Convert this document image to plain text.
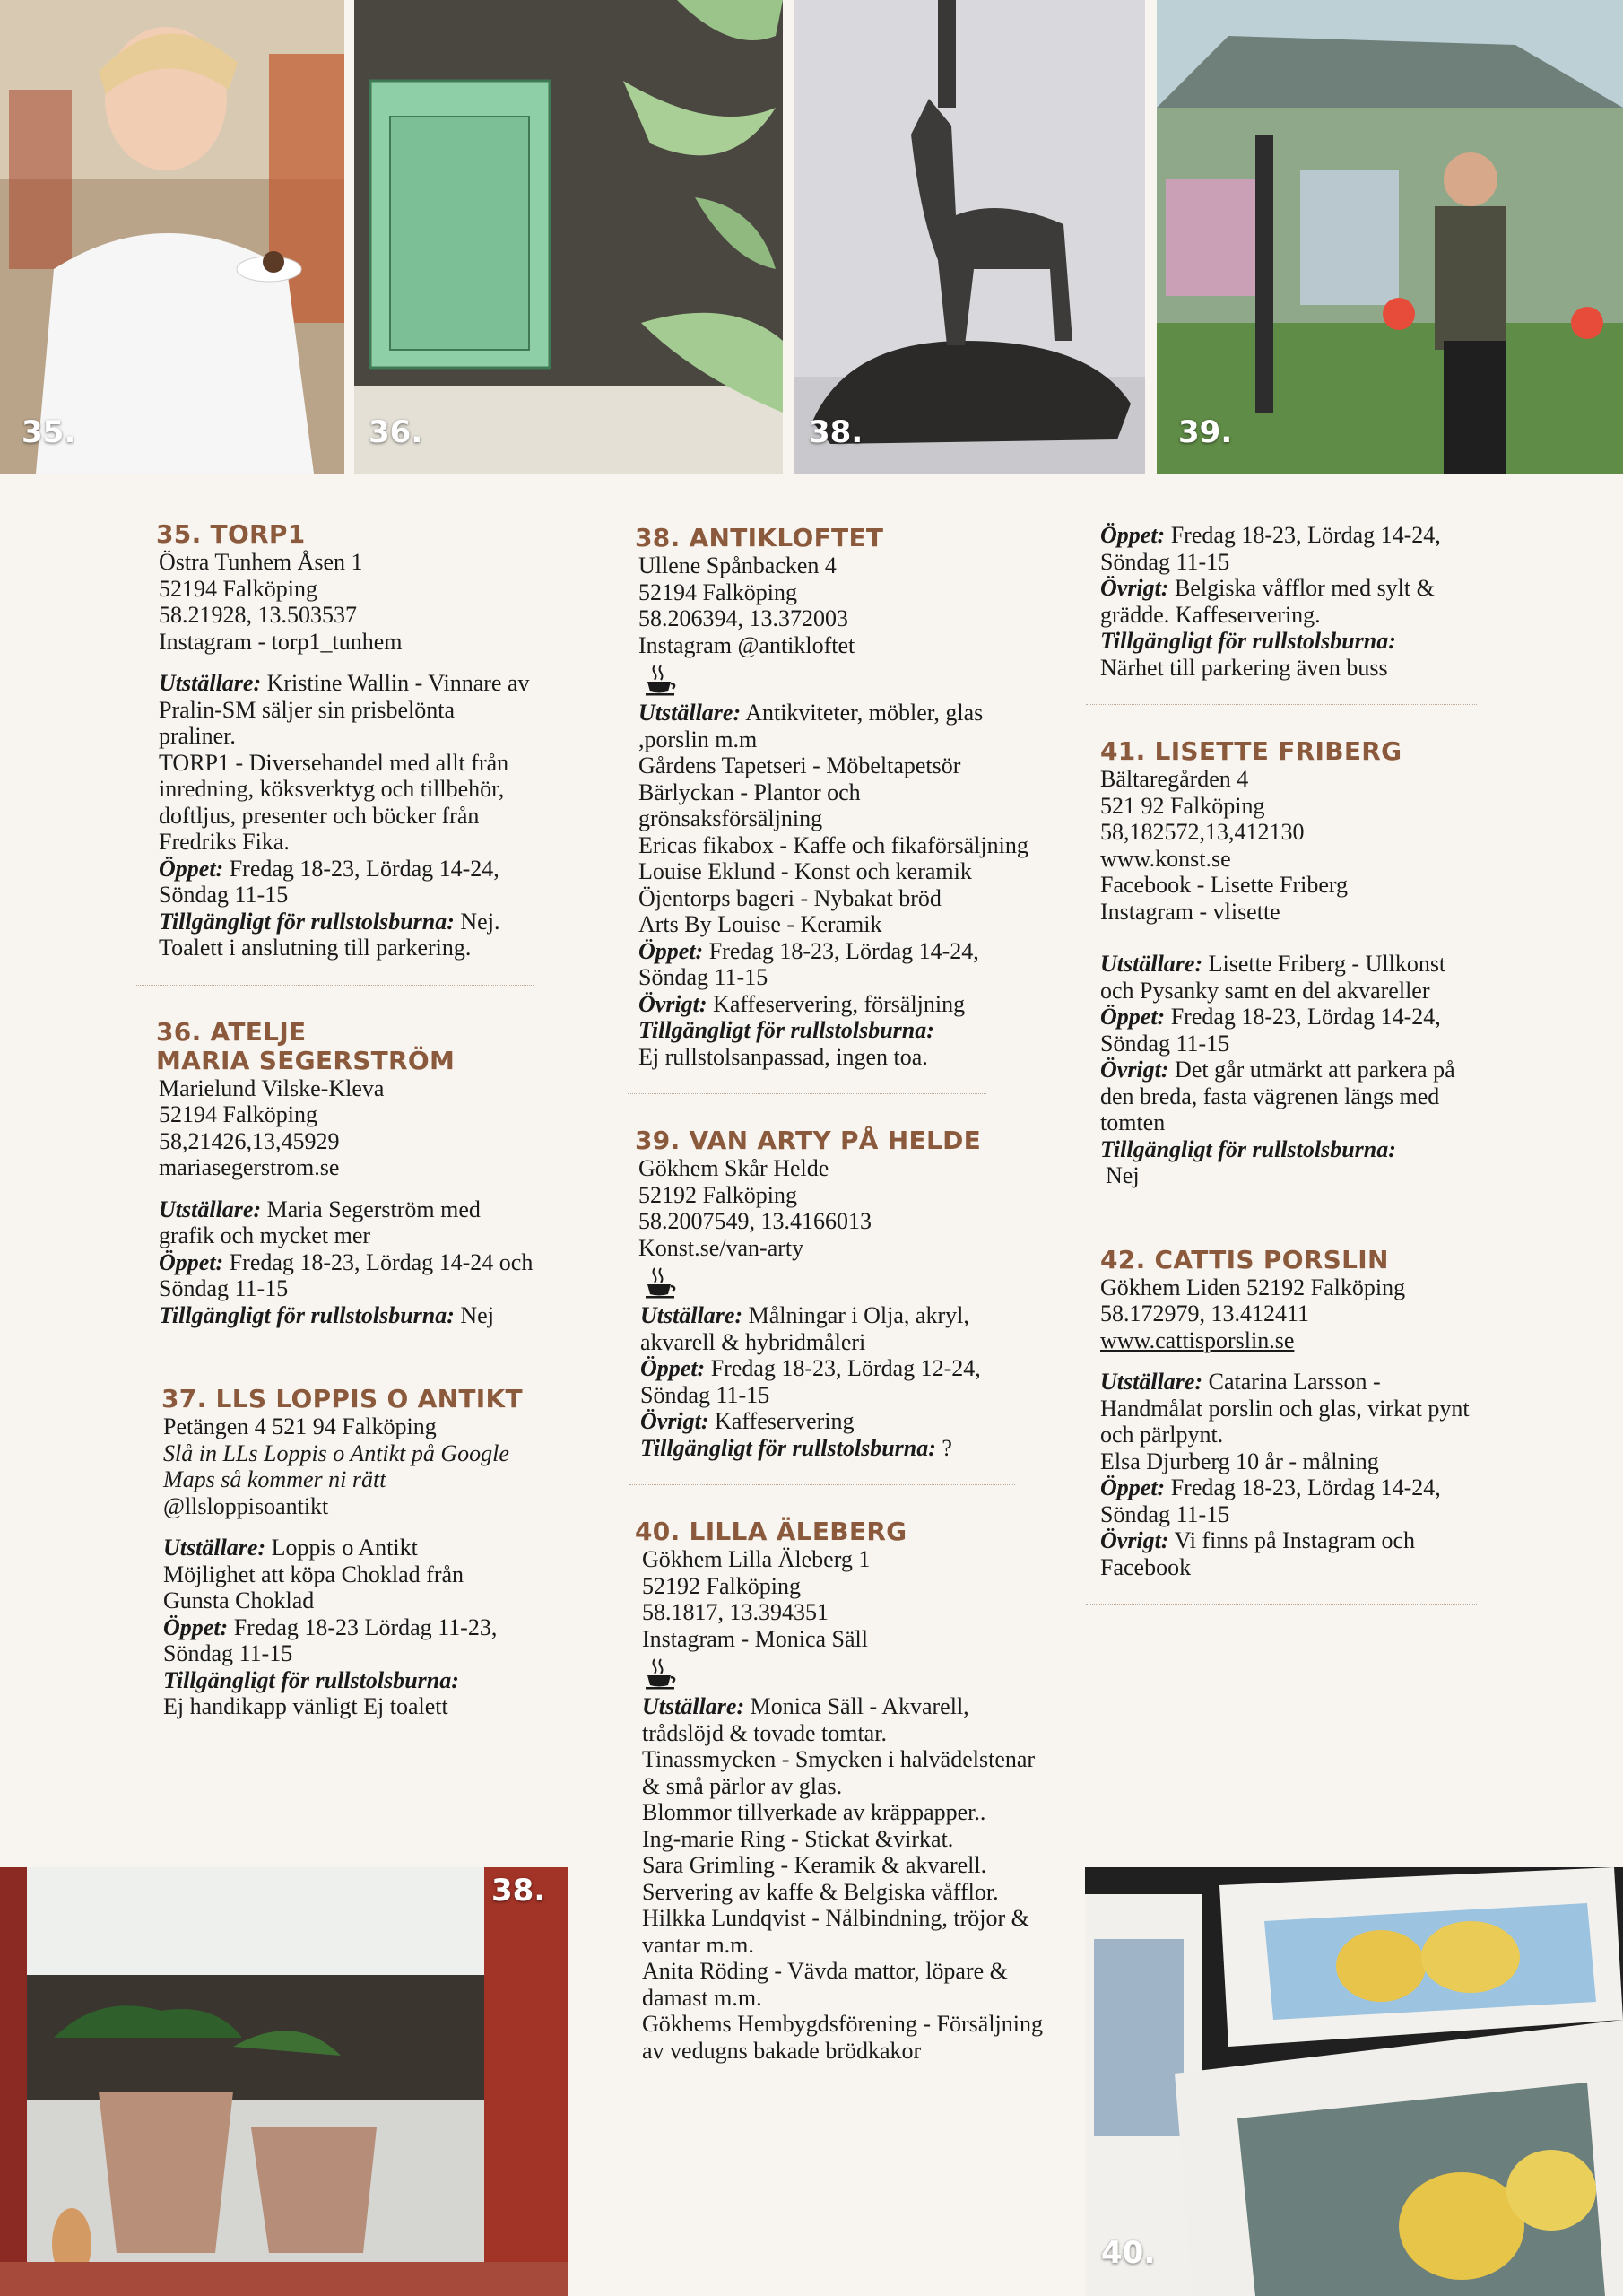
35.	36.	38.	39.
35. TORP1
Östra Tunhem Åsen 1
52194 Falköping
58.21928, 13.503537
Instagram - torp1_tunhem
Utställare: Kristine Wallin - Vinnare av Pralin-SM säljer sin prisbelönta praliner.
TORP1 - Diversehandel med allt från inredning, köksverktyg och tillbehör, doftljus, presenter och böcker från Fredriks Fika.
Öppet: Fredag 18-23, Lördag 14-24, Söndag 11-15
Tillgängligt för rullstolsburna: Nej. Toalett i anslutning till parkering.
36. ATELJE
MARIA SEGERSTRÖM
Marielund Vilske-Kleva
52194 Falköping
58,21426,13,45929
mariasegerstrom.se
Utställare: Maria Segerström med grafik och mycket mer
Öppet: Fredag 18-23, Lördag 14-24 och Söndag 11-15
Tillgängligt för rullstolsburna: Nej
37. LLS LOPPIS O ANTIKT
Petängen 4 521 94 Falköping
Slå in LLs Loppis o Antikt på Google Maps så kommer ni rätt
@llsloppisoantikt
Utställare: Loppis o Antikt
Möjlighet att köpa Choklad från Gunsta Choklad
Öppet: Fredag 18-23 Lördag 11-23, Söndag 11-15
Tillgängligt för rullstolsburna:
Ej handikapp vänligt Ej toalett
38. ANTIKLOFTET
Ullene Spånbacken 4
52194 Falköping
58.206394, 13.372003
Instagram @antikloftet
Utställare: Antikviteter, möbler, glas ,porslin m.m
Gårdens Tapetseri - Möbeltapetsör
Bärlyckan - Plantor och grönsaksförsäljning
Ericas fikabox - Kaffe och fikaförsäljning
Louise Eklund - Konst och keramik
Öjentorps bageri - Nybakat bröd
Arts By Louise - Keramik
Öppet: Fredag 18-23, Lördag 14-24, Söndag 11-15
Övrigt: Kaffeservering, försäljning
Tillgängligt för rullstolsburna:
Ej rullstolsanpassad, ingen toa.
39. VAN ARTY PÅ HELDE
Gökhem Skår Helde
52192 Falköping
58.2007549, 13.4166013
Konst.se/van-arty
Utställare: Målningar i Olja, akryl, akvarell & hybridmåleri
Öppet: Fredag 18-23, Lördag 12-24, Söndag 11-15
Övrigt: Kaffeservering
Tillgängligt för rullstolsburna: ?
40. LILLA ÄLEBERG
Gökhem Lilla Äleberg 1
52192 Falköping
58.1817, 13.394351
Instagram - Monica Säll
Utställare: Monica Säll - Akvarell, trådslöjd & tovade tomtar.
Tinassmycken - Smycken i halvädelstenar & små pärlor av glas.
Blommor tillverkade av kräppapper..
Ing-marie Ring - Stickat &virkat.
Sara Grimling - Keramik & akvarell.
Servering av kaffe & Belgiska våfflor.
Hilkka Lundqvist - Nålbindning, tröjor & vantar m.m.
Anita Röding - Vävda mattor, löpare & damast m.m.
Gökhems Hembygdsförening - Försäljning av vedugns bakade brödkakor
Öppet: Fredag 18-23, Lördag 14-24, Söndag 11-15
Övrigt: Belgiska våfflor med sylt & grädde. Kaffeservering.
Tillgängligt för rullstolsburna:
Närhet till parkering även buss
41. LISETTE FRIBERG
Bältaregården 4
521 92 Falköping
58,182572,13,412130
www.konst.se
Facebook - Lisette Friberg
Instagram - vlisette
Utställare: Lisette Friberg - Ullkonst och Pysanky samt en del akvareller
Öppet: Fredag 18-23, Lördag 14-24, Söndag 11-15
Övrigt: Det går utmärkt att parkera på den breda, fasta vägrenen längs med tomten
Tillgängligt för rullstolsburna:
Nej
42. CATTIS PORSLIN
Gökhem Liden 52192 Falköping
58.172979, 13.412411
www.cattisporslin.se
Utställare: Catarina Larsson - Handmålat porslin och glas, virkat pynt och pärlpynt.
Elsa Djurberg 10 år - målning
Öppet: Fredag 18-23, Lördag 14-24, Söndag 11-15
Övrigt: Vi finns på Instagram och Facebook
38.
40.
